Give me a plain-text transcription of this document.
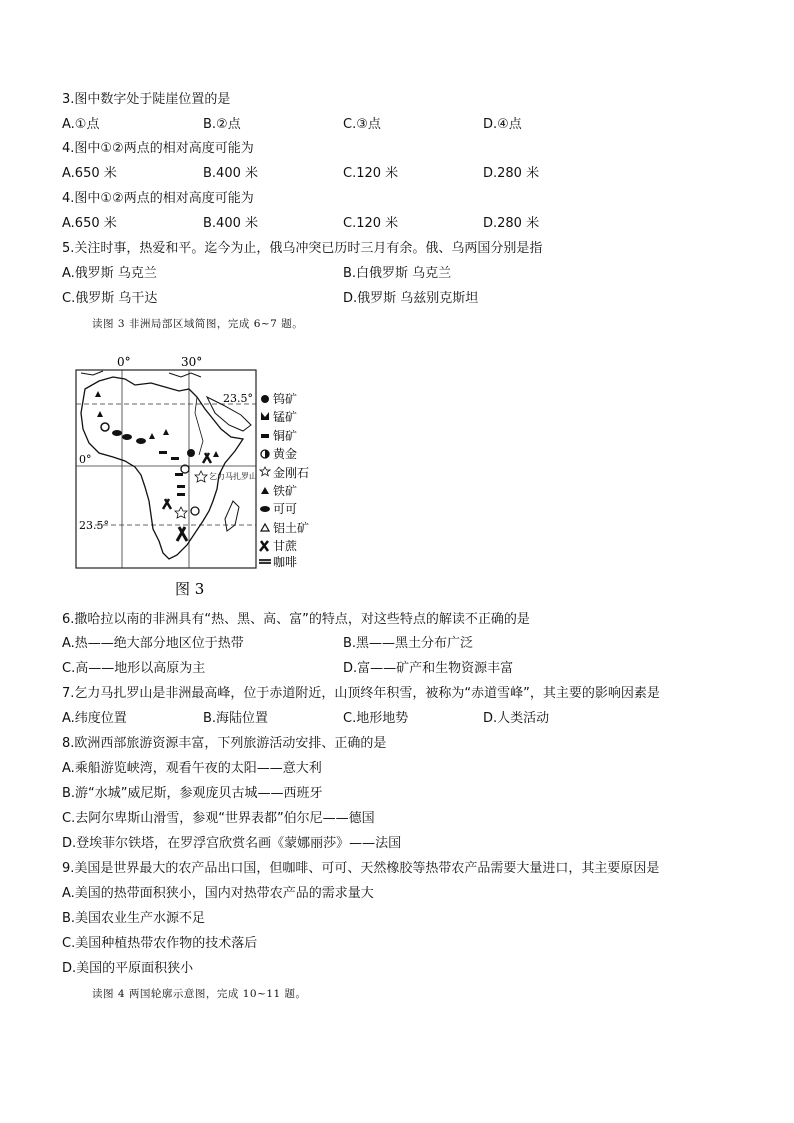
3.图中数字处于陡崖位置的是
A.①点	B.②点	C.③点	D.④点
4.图中①②两点的相对高度可能为
A.650 米	B.400 米	C.120 米	D.280 米
4.图中①②两点的相对高度可能为
A.650 米	B.400 米	C.120 米	D.280 米
5.关注时事，热爱和平。迄今为止，俄乌冲突已历时三月有余。俄、乌两国分别是指
A.俄罗斯 乌克兰	B.白俄罗斯 乌克兰
C.俄罗斯 乌干达	D.俄罗斯 乌兹别克斯坦
读图 3 非洲局部区域简图，完成 6~7 题。
0°	30°
23.5°
0°
23.5°
乞力马扎罗山
钨矿
锰矿
铜矿
黄金
金刚石
铁矿
可可
铝土矿
甘蔗
咖啡
图 3
6.撒哈拉以南的非洲具有“热、黑、高、富”的特点，对这些特点的解读不正确的是
A.热——绝大部分地区位于热带	B.黑——黑土分布广泛
C.高——地形以高原为主	D.富——矿产和生物资源丰富
7.乞力马扎罗山是非洲最高峰，位于赤道附近，山顶终年积雪，被称为“赤道雪峰”，其主要的影响因素是
A.纬度位置	B.海陆位置	C.地形地势	D.人类活动
8.欧洲西部旅游资源丰富，下列旅游活动安排、正确的是
A.乘船游览峡湾，观看午夜的太阳——意大利
B.游“水城”威尼斯，参观庞贝古城——西班牙
C.去阿尔卑斯山滑雪，参观“世界表都”伯尔尼——德国
D.登埃菲尔铁塔，在罗浮宫欣赏名画《蒙娜丽莎》——法国
9.美国是世界最大的农产品出口国，但咖啡、可可、天然橡胶等热带农产品需要大量进口，其主要原因是
A.美国的热带面积狭小，国内对热带农产品的需求量大
B.美国农业生产水源不足
C.美国种植热带农作物的技术落后
D.美国的平原面积狭小
读图 4 两国轮廓示意图，完成 10~11 题。
